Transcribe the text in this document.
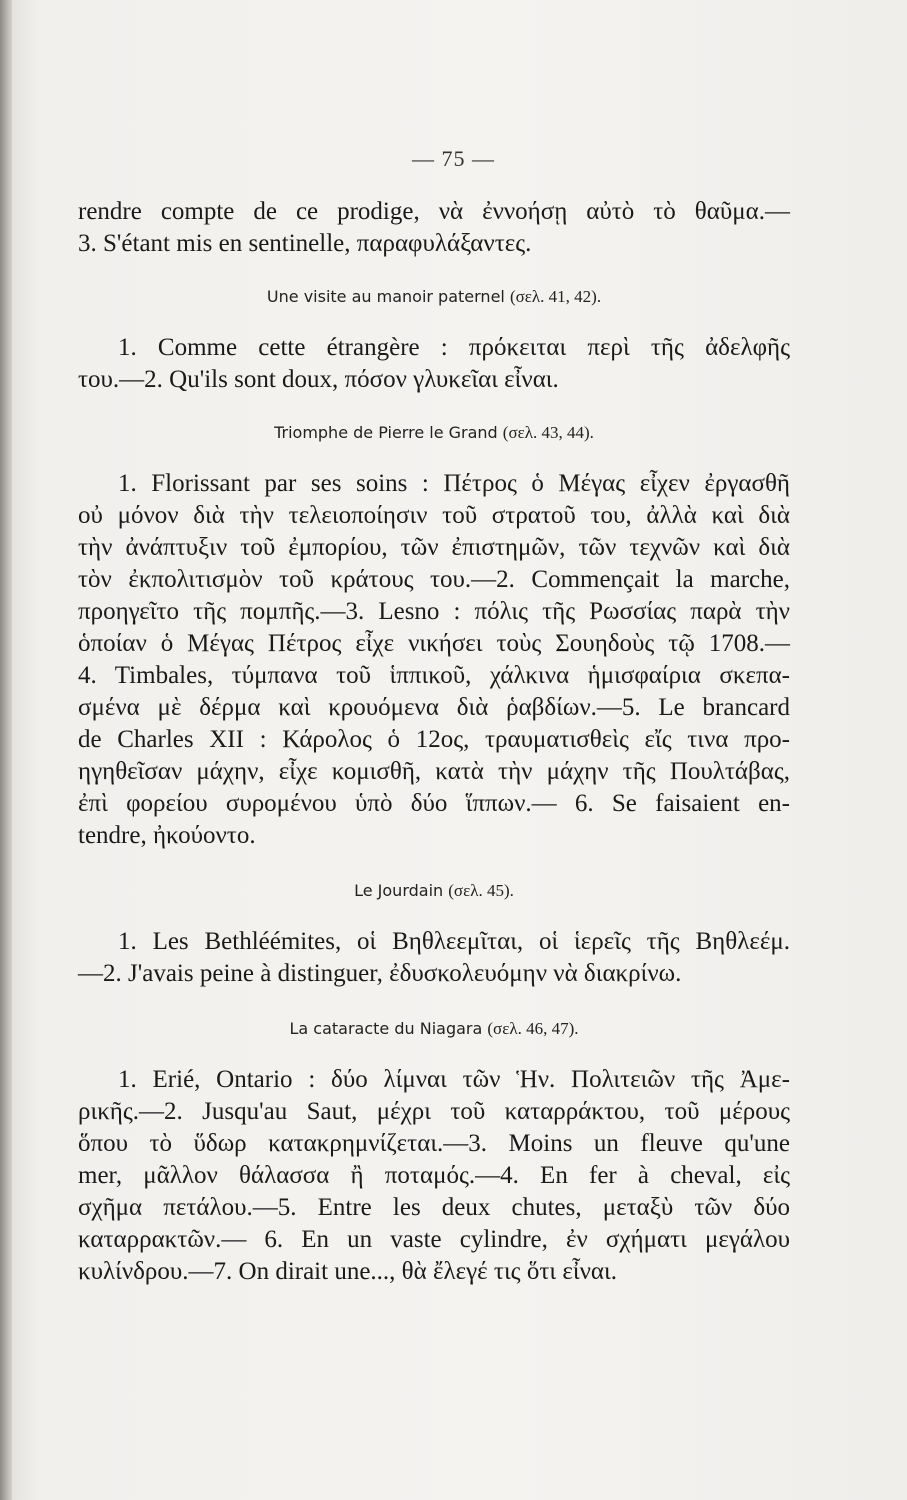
— 75 —
rendre compte de ce prodige, νὰ ἐννοήσῃ αὐτὸ τὸ θαῦμα.—
3. S'étant mis en sentinelle, παραφυλάξαντες.
Une visite au manoir paternel (σελ. 41, 42).
1. Comme cette étrangère : πρόκειται περὶ τῆς ἀδελφῆς
του.—2. Qu'ils sont doux, πόσον γλυκεῖαι εἶναι.
Triomphe de Pierre le Grand (σελ. 43, 44).
1. Florissant par ses soins : Πέτρος ὁ Μέγας εἶχεν ἐργασθῆ
οὐ μόνον διὰ τὴν τελειοποίησιν τοῦ στρατοῦ του, ἀλλὰ καὶ διὰ
τὴν ἀνάπτυξιν τοῦ ἐμπορίου, τῶν ἐπιστημῶν, τῶν τεχνῶν καὶ διὰ
τὸν ἐκπολιτισμὸν τοῦ κράτους του.—2. Commençait la marche,
προηγεῖτο τῆς πομπῆς.—3. Lesno : πόλις τῆς Ρωσσίας παρὰ τὴν
ὁποίαν ὁ Μέγας Πέτρος εἶχε νικήσει τοὺς Σουηδοὺς τῷ 1708.—
4. Timbales, τύμπανα τοῦ ἱππικοῦ, χάλκινα ἡμισφαίρια σκεπα-
σμένα μὲ δέρμα καὶ κρουόμενα διὰ ῥαβδίων.—5. Le brancard
de Charles XII : Κάρολος ὁ 12ος, τραυματισθεὶς εἴς τινα προ-
ηγηθεῖσαν μάχην, εἶχε κομισθῆ, κατὰ τὴν μάχην τῆς Πουλτάβας,
ἐπὶ φορείου συρομένου ὑπὸ δύο ἵππων.— 6. Se faisaient en-
tendre, ἠκούοντο.
Le Jourdain (σελ. 45).
1. Les Bethléémites, οἱ Βηθλεεμῖται, οἱ ἱερεῖς τῆς Βηθλεέμ.
—2. J'avais peine à distinguer, ἐδυσκολευόμην νὰ διακρίνω.
La cataracte du Niagara (σελ. 46, 47).
1. Erié, Ontario : δύο λίμναι τῶν Ἡν. Πολιτειῶν τῆς Ἀμε-
ρικῆς.—2. Jusqu'au Saut, μέχρι τοῦ καταρράκτου, τοῦ μέρους
ὅπου τὸ ὕδωρ κατακρημνίζεται.—3. Moins un fleuve qu'une
mer, μᾶλλον θάλασσα ἢ ποταμός.—4. En fer à cheval, εἰς
σχῆμα πετάλου.—5. Entre les deux chutes, μεταξὺ τῶν δύο
καταρρακτῶν.— 6. En un vaste cylindre, ἐν σχήματι μεγάλου
κυλίνδρου.—7. On dirait une..., θὰ ἔλεγέ τις ὅτι εἶναι.
